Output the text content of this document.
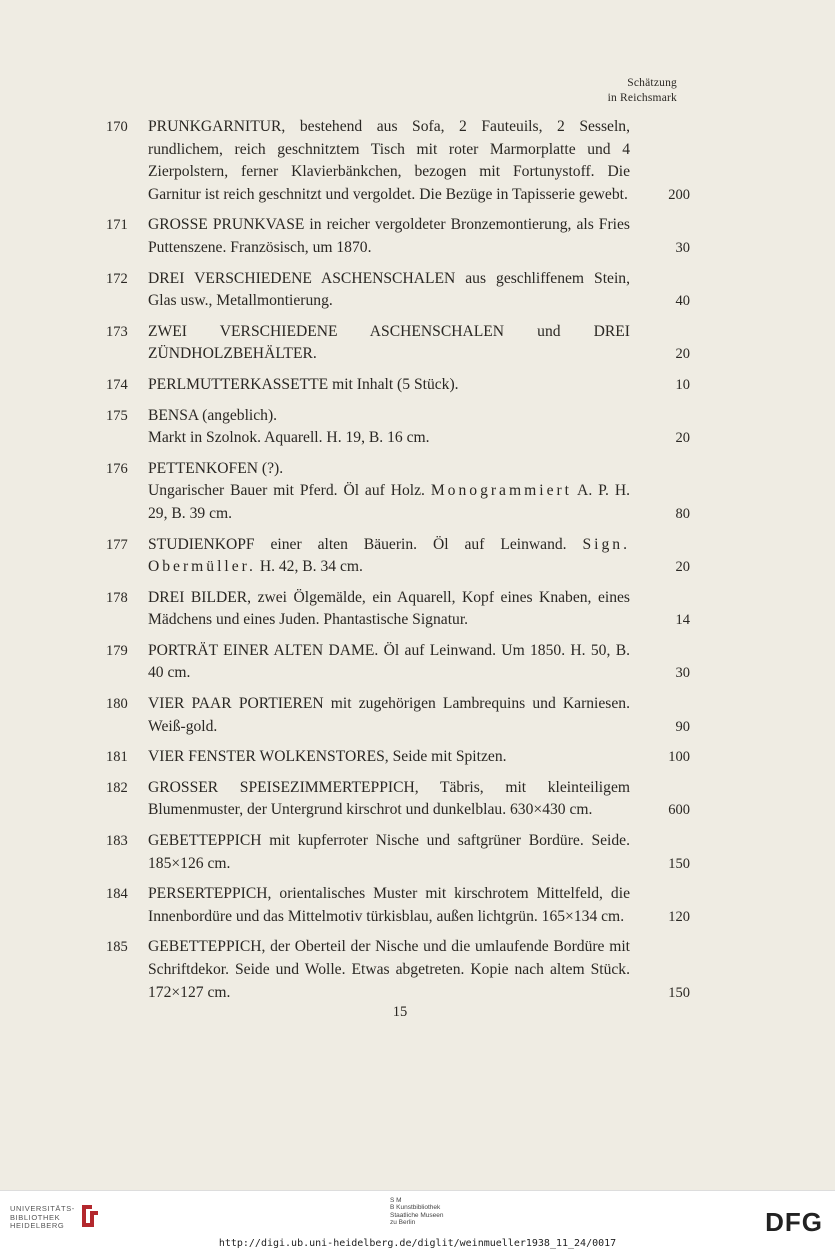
Schätzung
in Reichsmark
170	PRUNKGARNITUR, bestehend aus Sofa, 2 Fauteuils, 2 Sesseln, rundlichem, reich geschnitztem Tisch mit roter Marmorplatte und 4 Zierpolstern, ferner Klavierbänkchen, bezogen mit Fortunystoff. Die Garnitur ist reich geschnitzt und vergoldet. Die Bezüge in Tapisserie gewebt.	200
171	GROSSE PRUNKVASE in reicher vergoldeter Bronzemontierung, als Fries Puttenszene. Französisch, um 1870.	30
172	DREI VERSCHIEDENE ASCHENSCHALEN aus geschliffenem Stein, Glas usw., Metallmontierung.	40
173	ZWEI VERSCHIEDENE ASCHENSCHALEN und DREI ZÜNDHOLZBEHÄLTER.	20
174	PERLMUTTERKASSETTE mit Inhalt (5 Stück).	10
175	BENSA (angeblich).
Markt in Szolnok. Aquarell. H. 19, B. 16 cm.	20
176	PETTENKOFEN (?).
Ungarischer Bauer mit Pferd. Öl auf Holz. Monogrammiert A. P. H. 29, B. 39 cm.	80
177	STUDIENKOPF einer alten Bäuerin. Öl auf Leinwand. Sign. Obermüller. H. 42, B. 34 cm.	20
178	DREI BILDER, zwei Ölgemälde, ein Aquarell, Kopf eines Knaben, eines Mädchens und eines Juden. Phantastische Signatur.	14
179	PORTRÄT EINER ALTEN DAME. Öl auf Leinwand. Um 1850. H. 50, B. 40 cm.	30
180	VIER PAAR PORTIEREN mit zugehörigen Lambrequins und Karniesen. Weiß-gold.	90
181	VIER FENSTER WOLKENSTORES, Seide mit Spitzen.	100
182	GROSSER SPEISEZIMMERTEPPICH, Täbris, mit kleinteiligem Blumenmuster, der Untergrund kirschrot und dunkelblau. 630×430 cm.	600
183	GEBETTEPPICH mit kupferroter Nische und saftgrüner Bordüre. Seide. 185×126 cm.	150
184	PERSERTEPPICH, orientalisches Muster mit kirschrotem Mittelfeld, die Innenbordüre und das Mittelmotiv türkisblau, außen lichtgrün. 165×134 cm.	120
185	GEBETTEPPICH, der Oberteil der Nische und die umlaufende Bordüre mit Schriftdekor. Seide und Wolle. Etwas abgetreten. Kopie nach altem Stück. 172×127 cm.	150
15
UNIVERSITÄTS-
BIBLIOTHEK
HEIDELBERG
S M
B Kunstbibliothek
Staatliche Museen
zu Berlin	DFG
http://digi.ub.uni-heidelberg.de/diglit/weinmueller1938_11_24/0017
